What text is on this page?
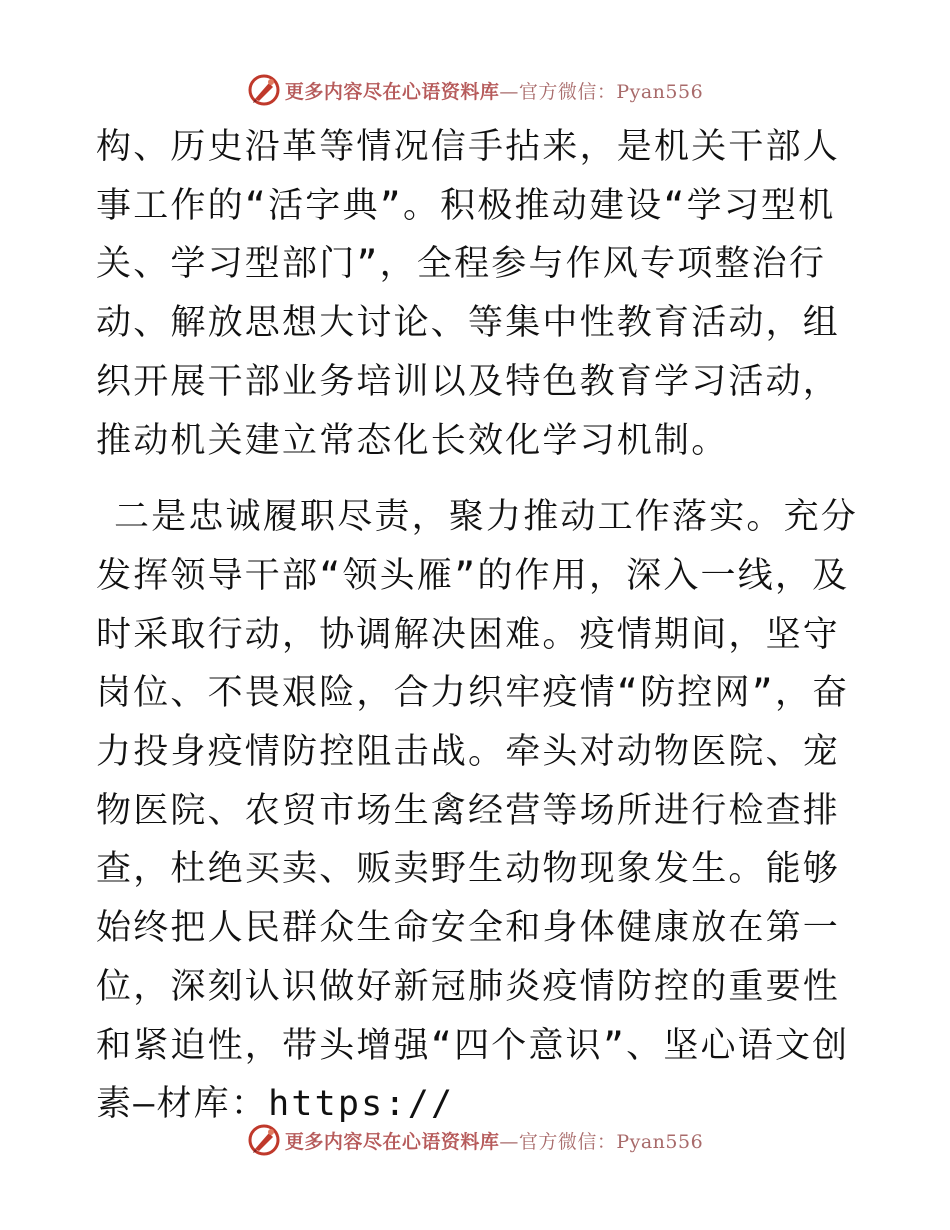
更多内容尽在心语资料库—官方微信：Pyan556

构、历史沿革等情况信手拈来，是机关干部人事工作的“活字典”。积极推动建设“学习型机关、学习型部门”，全程参与作风专项整治行动、解放思想大讨论、等集中性教育活动，组织开展干部业务培训以及特色教育学习活动，推动机关建立常态化长效化学习机制。

二是忠诚履职尽责，聚力推动工作落实。充分发挥领导干部“领头雁”的作用，深入一线，及时采取行动，协调解决困难。疫情期间，坚守岗位、不畏艰险，合力织牢疫情“防控网”，奋力投身疫情防控阻击战。牵头对动物医院、宠物医院、农贸市场生禽经营等场所进行检查排查，杜绝买卖、贩卖野生动物现象发生。能够始终把人民群众生命安全和身体健康放在第一位，深刻认识做好新冠肺炎疫情防控的重要性和紧迫性，带头增强“四个意识”、坚心语文创素—材库：https://

更多内容尽在心语资料库—官方微信：Pyan556
